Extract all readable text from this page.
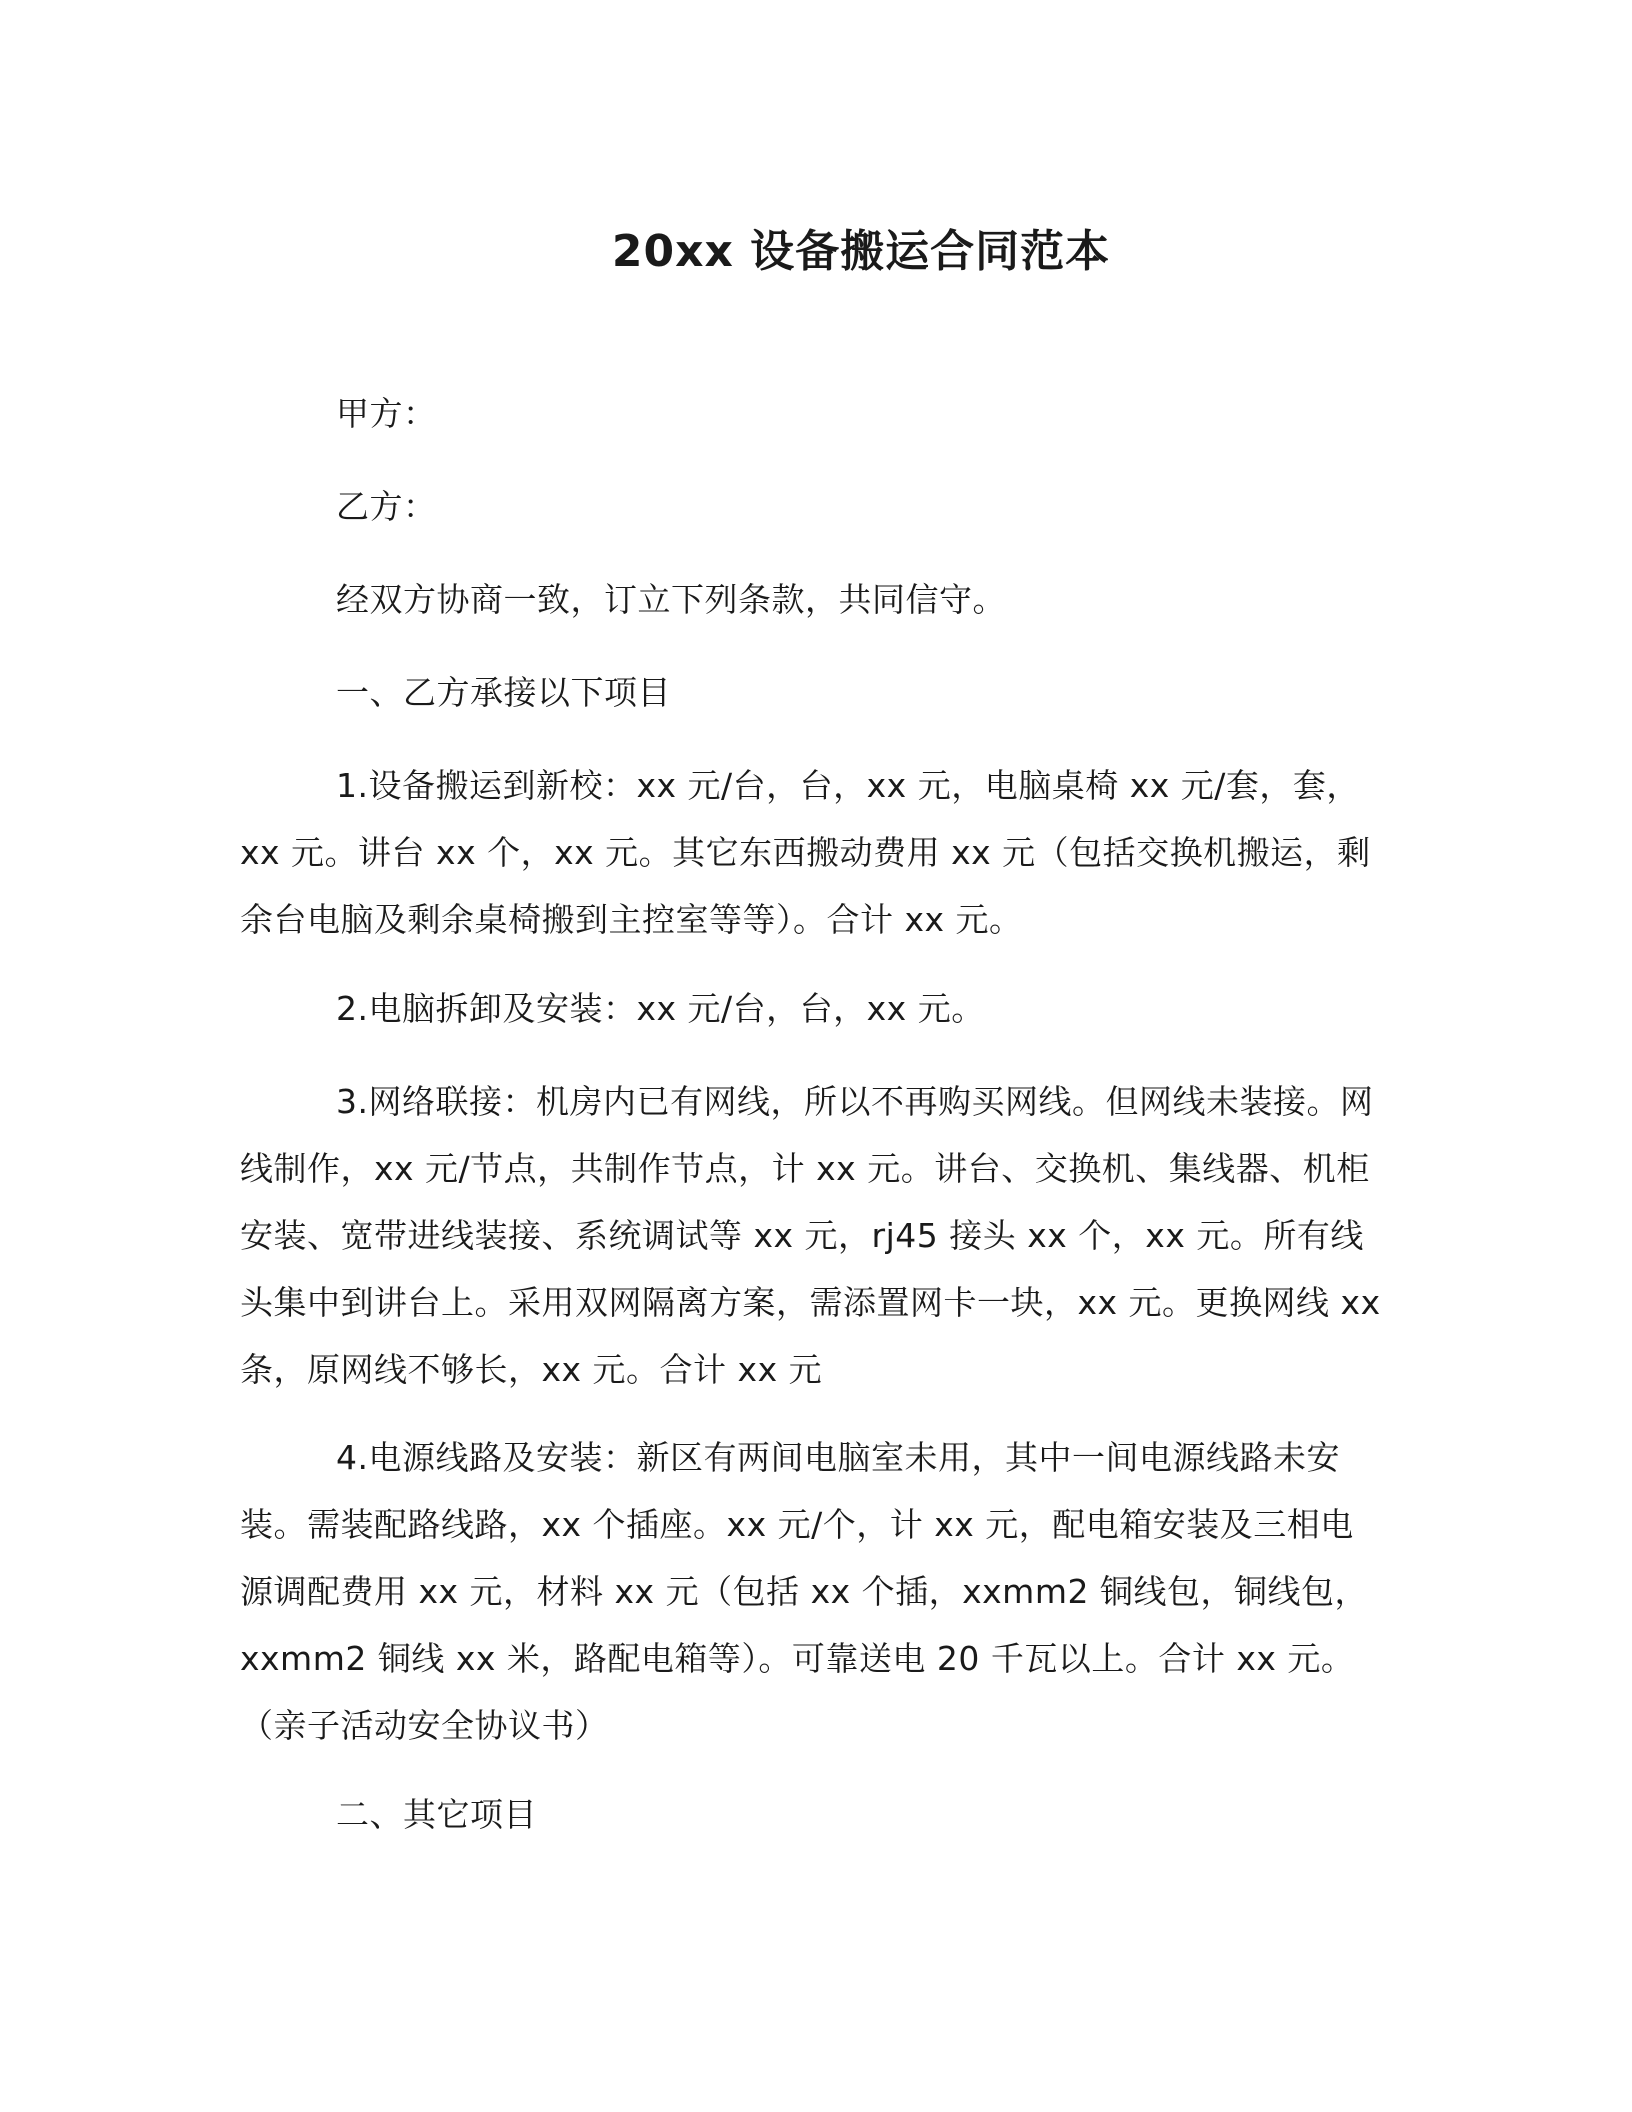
20xx 设备搬运合同范本
甲方：
乙方：
经双方协商一致，订立下列条款，共同信守。
一、乙方承接以下项目

1.设备搬运到新校：xx 元/台，台，xx 元，电脑桌椅 xx 元/套，套，xx 元。讲台 xx 个，xx 元。其它东西搬动费用 xx 元（包括交换机搬运，剩余台电脑及剩余桌椅搬到主控室等等）。合计 xx 元。

2.电脑拆卸及安装：xx 元/台，台，xx 元。

3.网络联接：机房内已有网线，所以不再购买网线。但网线未装接。网线制作，xx 元/节点，共制作节点，计 xx 元。讲台、交换机、集线器、机柜安装、宽带进线装接、系统调试等 xx 元，rj45 接头 xx 个，xx 元。所有线头集中到讲台上。采用双网隔离方案，需添置网卡一块，xx 元。更换网线 xx 条，原网线不够长，xx 元。合计 xx 元

4.电源线路及安装：新区有两间电脑室未用，其中一间电源线路未安装。需装配路线路，xx 个插座。xx 元/个，计 xx 元，配电箱安装及三相电源调配费用 xx 元，材料 xx 元（包括 xx 个插，xxmm2 铜线包，铜线包，xxmm2 铜线 xx 米，路配电箱等）。可靠送电 20 千瓦以上。合计 xx 元。（亲子活动安全协议书）

二、其它项目
